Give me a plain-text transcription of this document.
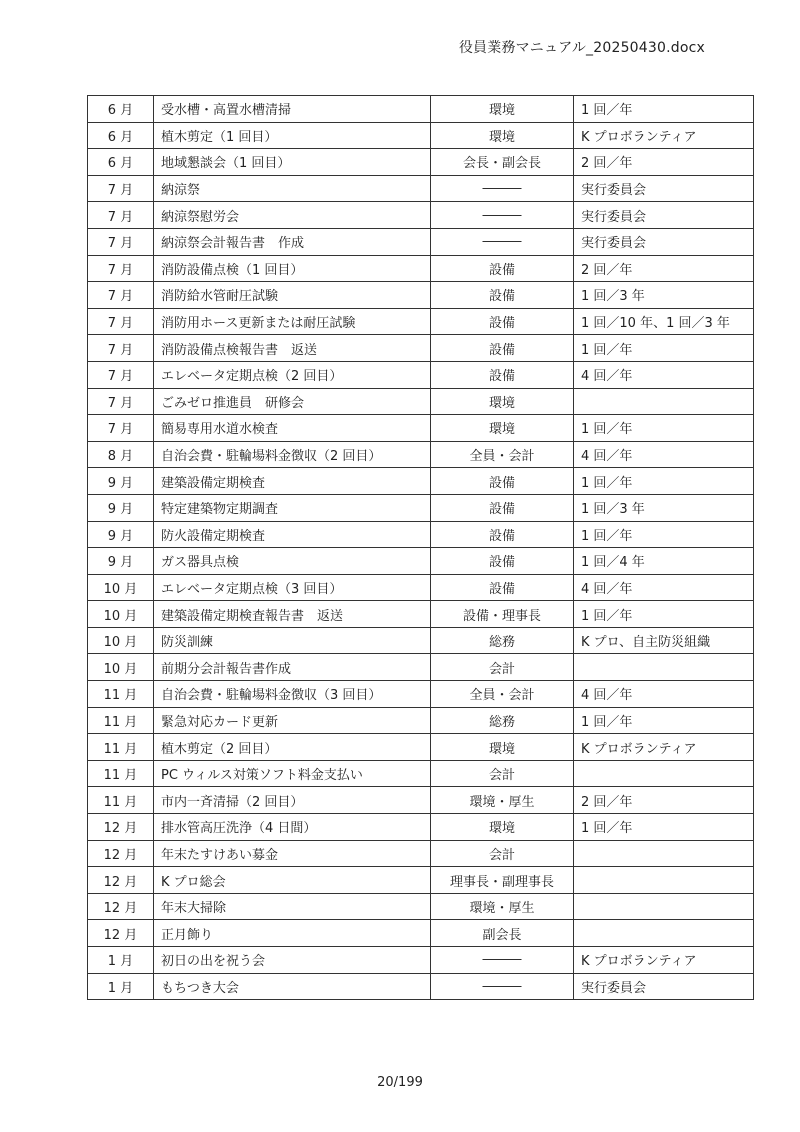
役員業務マニュアル_20250430.docx
6 月	受水槽・高置水槽清掃	環境	1 回／年
6 月	植木剪定（1 回目）	環境	K プロボランティア
6 月	地域懇談会（1 回目）	会長・副会長	2 回／年
7 月	納涼祭	―――	実行委員会
7 月	納涼祭慰労会	―――	実行委員会
7 月	納涼祭会計報告書　作成	―――	実行委員会
7 月	消防設備点検（1 回目）	設備	2 回／年
7 月	消防給水管耐圧試験	設備	1 回／3 年
7 月	消防用ホース更新または耐圧試験	設備	1 回／10 年、1 回／3 年
7 月	消防設備点検報告書　返送	設備	1 回／年
7 月	エレベータ定期点検（2 回目）	設備	4 回／年
7 月	ごみゼロ推進員　研修会	環境	
7 月	簡易専用水道水検査	環境	1 回／年
8 月	自治会費・駐輪場料金徴収（2 回目）	全員・会計	4 回／年
9 月	建築設備定期検査	設備	1 回／年
9 月	特定建築物定期調査	設備	1 回／3 年
9 月	防火設備定期検査	設備	1 回／年
9 月	ガス器具点検	設備	1 回／4 年
10 月	エレベータ定期点検（3 回目）	設備	4 回／年
10 月	建築設備定期検査報告書　返送	設備・理事長	1 回／年
10 月	防災訓練	総務	K プロ、自主防災組織
10 月	前期分会計報告書作成	会計	
11 月	自治会費・駐輪場料金徴収（3 回目）	全員・会計	4 回／年
11 月	緊急対応カード更新	総務	1 回／年
11 月	植木剪定（2 回目）	環境	K プロボランティア
11 月	PC ウィルス対策ソフト料金支払い	会計	
11 月	市内一斉清掃（2 回目）	環境・厚生	2 回／年
12 月	排水管高圧洗浄（4 日間）	環境	1 回／年
12 月	年末たすけあい募金	会計	
12 月	K プロ総会	理事長・副理事長	
12 月	年末大掃除	環境・厚生	
12 月	正月飾り	副会長	
1 月	初日の出を祝う会	―――	K プロボランティア
1 月	もちつき大会	―――	実行委員会
20/199
